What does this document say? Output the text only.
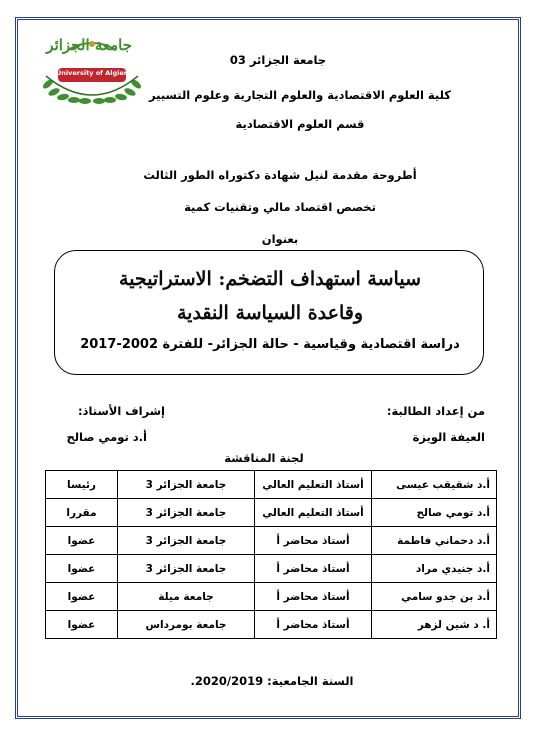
جامعة الجزائر
University of Algiers 3
جامعة الجزائر 03
كلية العلوم الاقتصادية والعلوم التجارية وعلوم التسيير
قسم العلوم الاقتصادية
أطروحة مقدمة لنيل شهادة دكتوراه الطور الثالث
تخصص اقتصاد مالي وتقنيات كمية
بعنوان
سياسة استهداف التضخم: الاستراتيجية
وقاعدة السياسة النقدية
دراسة اقتصادية وقياسية - حالة الجزائر- للفترة 2002-2017
من إعداد الطالبة:
العيفة الويزة
إشراف الأستاذ:
أ.د تومي صالح
لجنة المناقشة
أ.د شقيقب عيسى	أستاذ التعليم العالي	جامعة الجزائر 3	رئيسا
أ.د تومي صالح	أستاذ التعليم العالي	جامعة الجزائر 3	مقررا
أ.د دحماني فاطمة	أستاذ محاضر أ	جامعة الجزائر 3	عضوا
أ.د جنيدي مراد	أستاذ محاضر أ	جامعة الجزائر 3	عضوا
أ.د بن جدو سامي	أستاذ محاضر أ	جامعة ميلة	عضوا
أ. د شين لزهر	أستاذ محاضر أ	جامعة بومرداس	عضوا
السنة الجامعية: 2020/2019.
